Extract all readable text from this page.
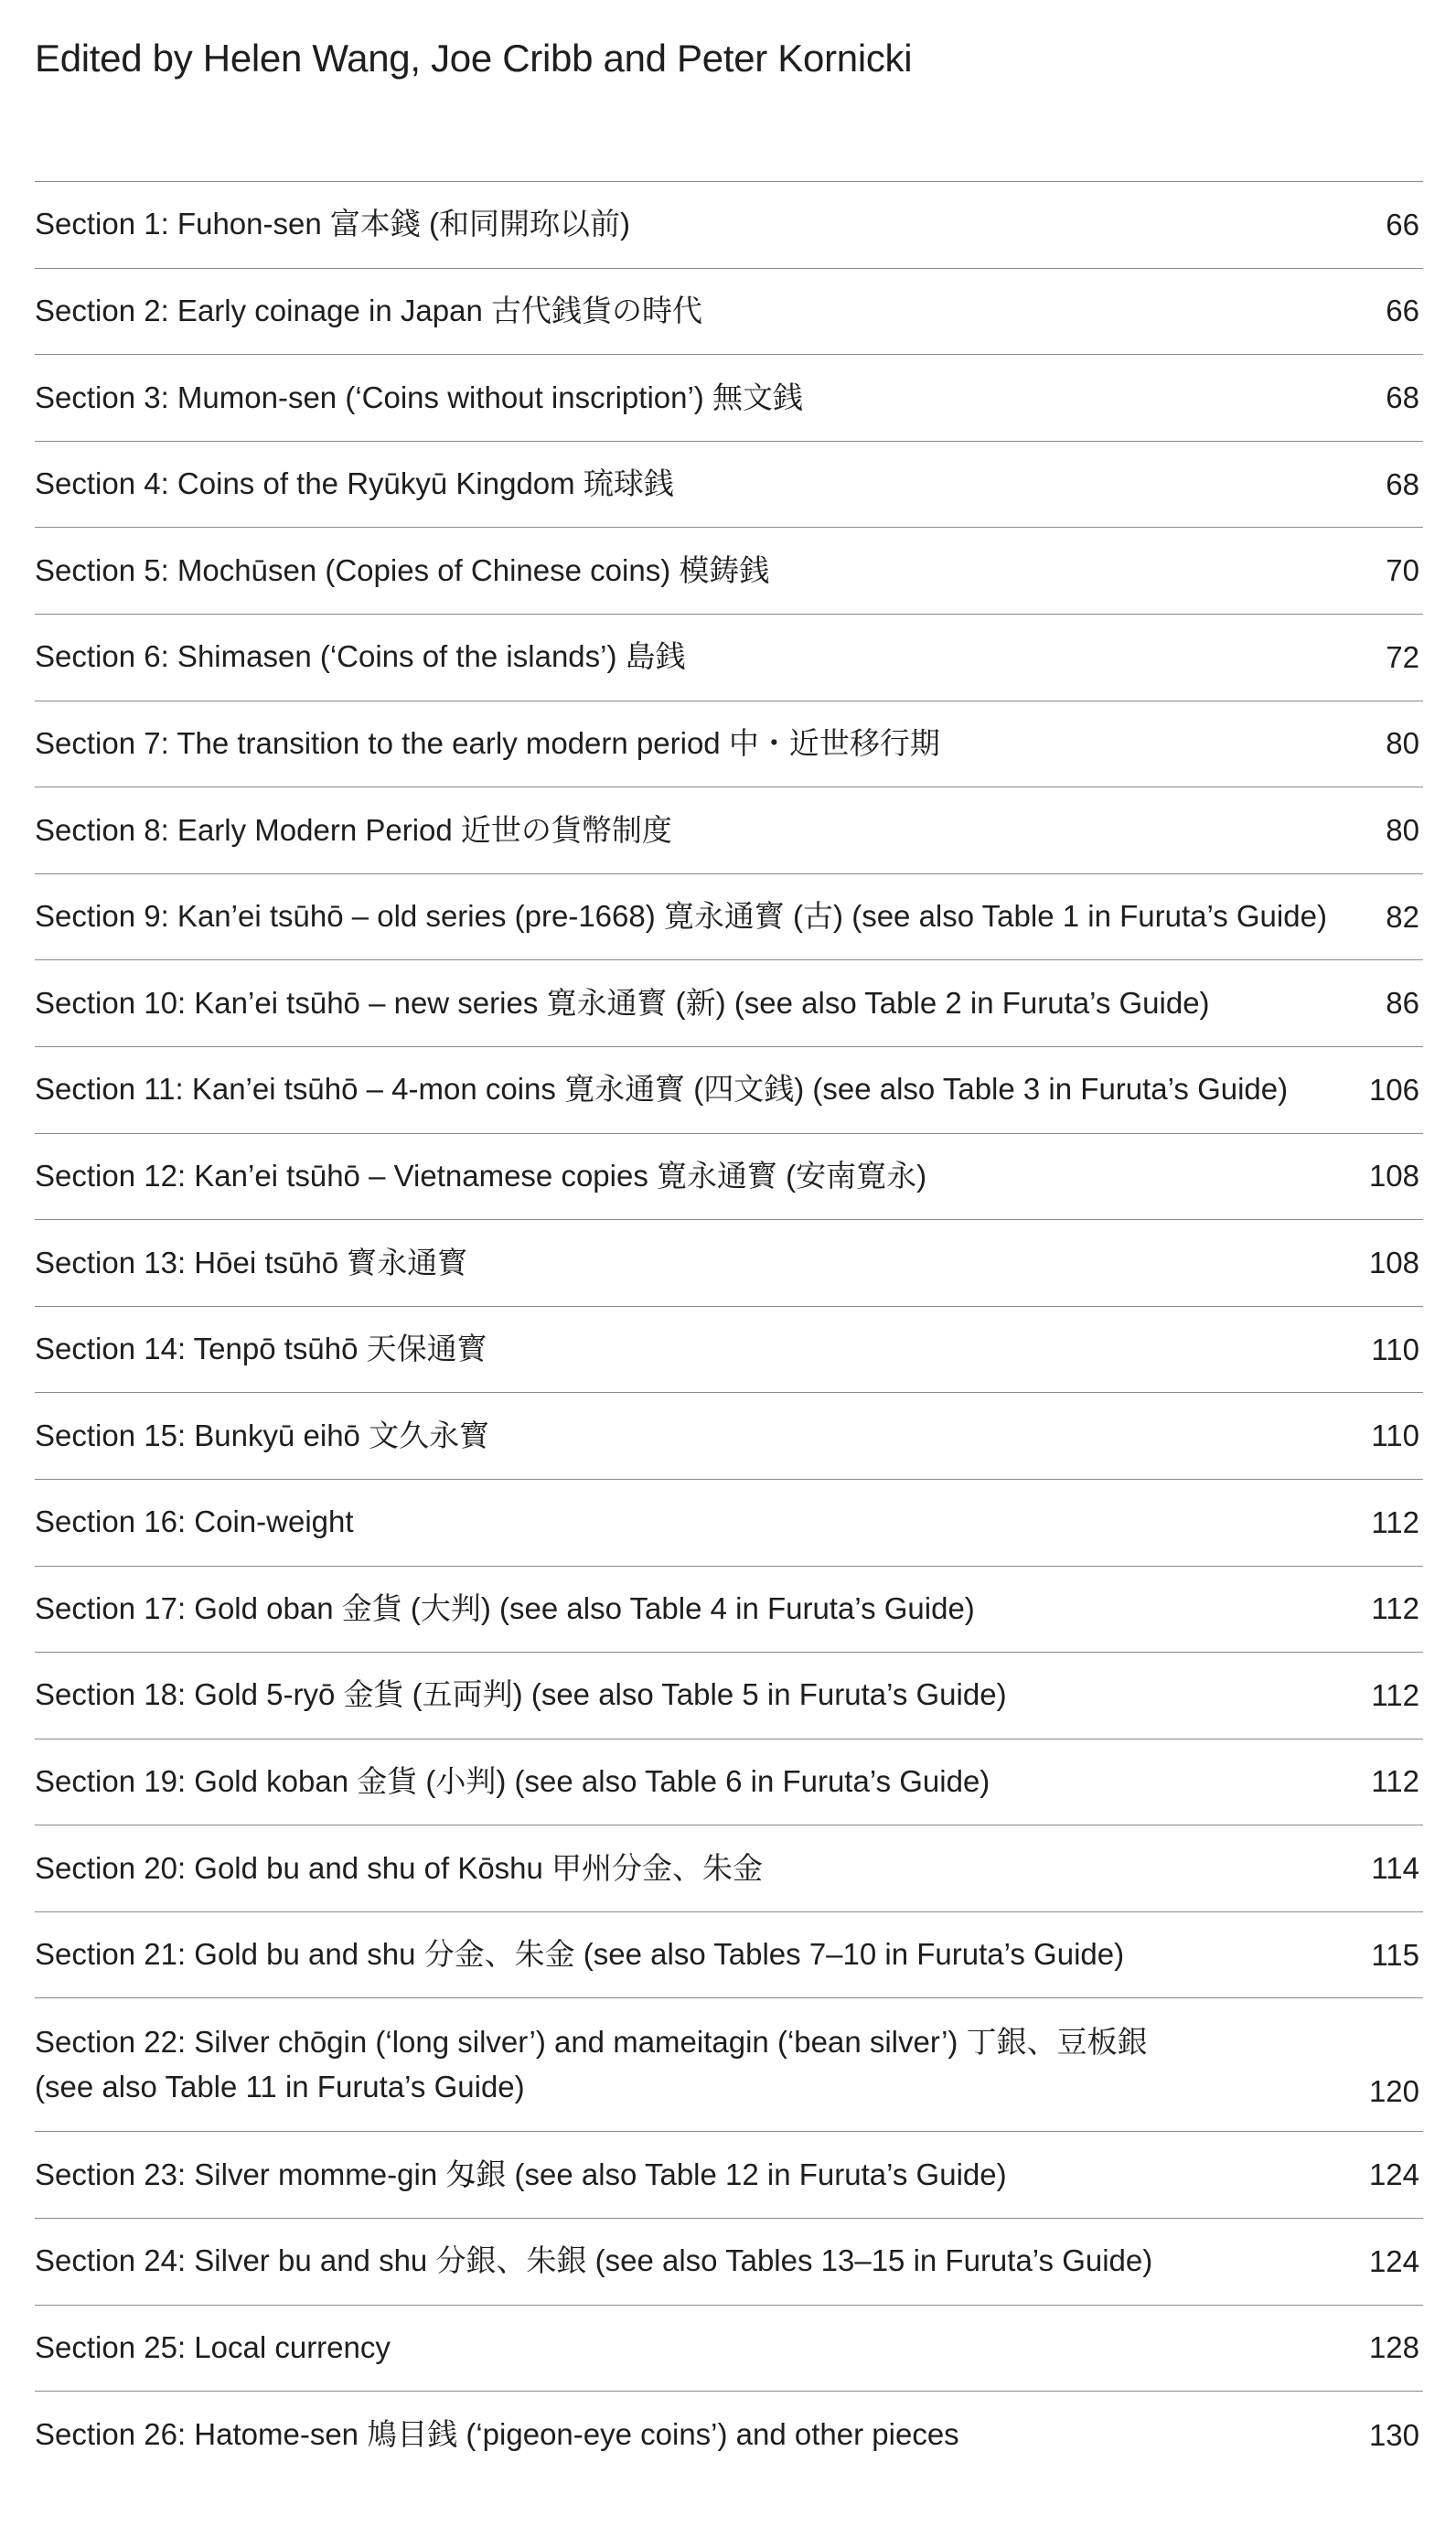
Edited by Helen Wang, Joe Cribb and Peter Kornicki
Section 1: Fuhon-sen 富本錢 (和同開珎以前)	66
Section 2: Early coinage in Japan 古代銭貨の時代	66
Section 3: Mumon-sen (‘Coins without inscription’) 無文銭	68
Section 4: Coins of the Ryūkyū Kingdom 琉球銭	68
Section 5: Mochūsen (Copies of Chinese coins) 模鋳銭	70
Section 6: Shimasen (‘Coins of the islands’) 島銭	72
Section 7: The transition to the early modern period 中・近世移行期	80
Section 8: Early Modern Period 近世の貨幣制度	80
Section 9: Kan’ei tsūhō – old series (pre-1668) 寛永通寳 (古) (see also Table 1 in Furuta’s Guide)	82
Section 10: Kan’ei tsūhō – new series 寛永通寳 (新) (see also Table 2 in Furuta’s Guide)	86
Section 11: Kan’ei tsūhō – 4-mon coins 寛永通寳 (四文銭) (see also Table 3 in Furuta’s Guide)	106
Section 12: Kan’ei tsūhō – Vietnamese copies 寛永通寳 (安南寛永)	108
Section 13: Hōei tsūhō 寳永通寳	108
Section 14: Tenpō tsūhō 天保通寳	110
Section 15: Bunkyū eihō 文久永寳	110
Section 16: Coin-weight	112
Section 17: Gold oban 金貨 (大判) (see also Table 4 in Furuta’s Guide)	112
Section 18: Gold 5-ryō 金貨 (五両判) (see also Table 5 in Furuta’s Guide)	112
Section 19: Gold koban 金貨 (小判) (see also Table 6 in Furuta’s Guide)	112
Section 20: Gold bu and shu of Kōshu 甲州分金、朱金	114
Section 21: Gold bu and shu 分金、朱金 (see also Tables 7–10 in Furuta’s Guide)	115
Section 22: Silver chōgin (‘long silver’) and mameitagin (‘bean silver’) 丁銀、豆板銀
(see also Table 11 in Furuta’s Guide)	120
Section 23: Silver momme-gin 匁銀 (see also Table 12 in Furuta’s Guide)	124
Section 24: Silver bu and shu 分銀、朱銀 (see also Tables 13–15 in Furuta’s Guide)	124
Section 25: Local currency	128
Section 26: Hatome-sen 鳩目銭 (‘pigeon-eye coins’) and other pieces	130
